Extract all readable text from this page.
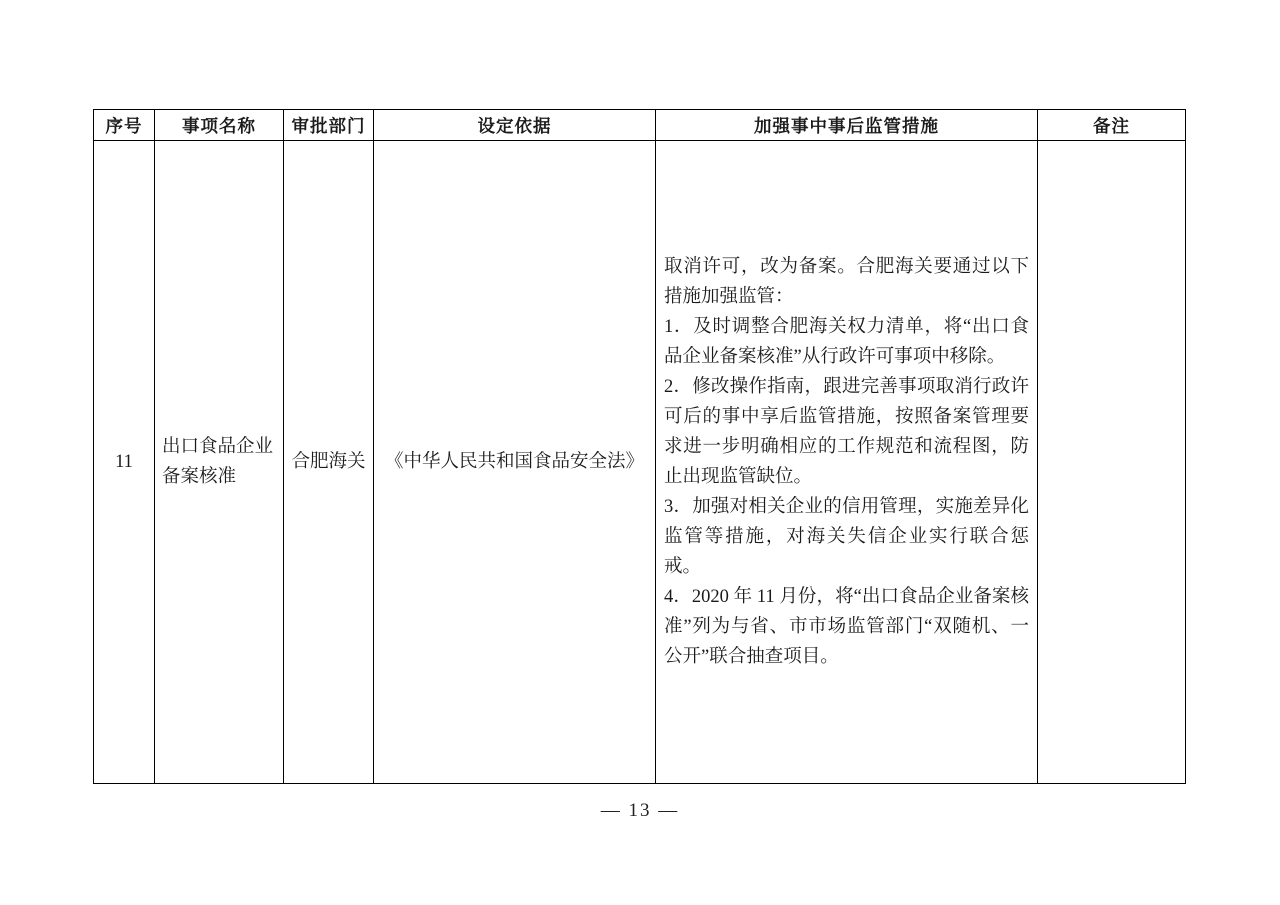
序号	事项名称	审批部门	设定依据	加强事中事后监管措施	备注
11	出口食品企业备案核准	合肥海关	《中华人民共和国食品安全法》	取消许可，改为备案。合肥海关要通过以下措施加强监管：
1．及时调整合肥海关权力清单，将“出口食品企业备案核准”从行政许可事项中移除。
2．修改操作指南，跟进完善事项取消行政许可后的事中享后监管措施，按照备案管理要求进一步明确相应的工作规范和流程图，防止出现监管缺位。
3．加强对相关企业的信用管理，实施差异化监管等措施，对海关失信企业实行联合惩戒。
4．2020 年 11 月份，将“出口食品企业备案核准”列为与省、市市场监管部门“双随机、一公开”联合抽查项目。	

— 13 —
